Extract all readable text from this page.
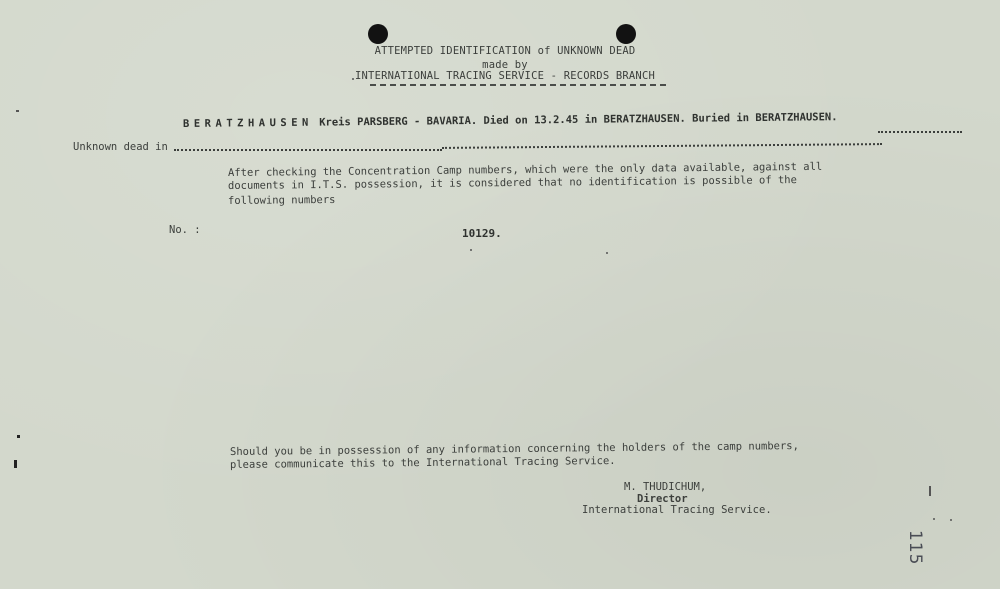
ATTEMPTED IDENTIFICATION of UNKNOWN DEAD
made by
INTERNATIONAL TRACING SERVICE - RECORDS BRANCH
BERATZHAUSEN Kreis PARSBERG - BAVARIA. Died on 13.2.45 in BERATZHAUSEN. Buried in BERATZHAUSEN.
Unknown dead in
After checking the Concentration Camp numbers, which were the only data available, against all
documents in I.T.S. possession, it is considered that no identification is possible of the
following numbers
No. :	10129.
Should you be in possession of any information concerning the holders of the camp numbers,
please communicate this to the International Tracing Service.
M. THUDICHUM,
Director
International Tracing Service.
115
